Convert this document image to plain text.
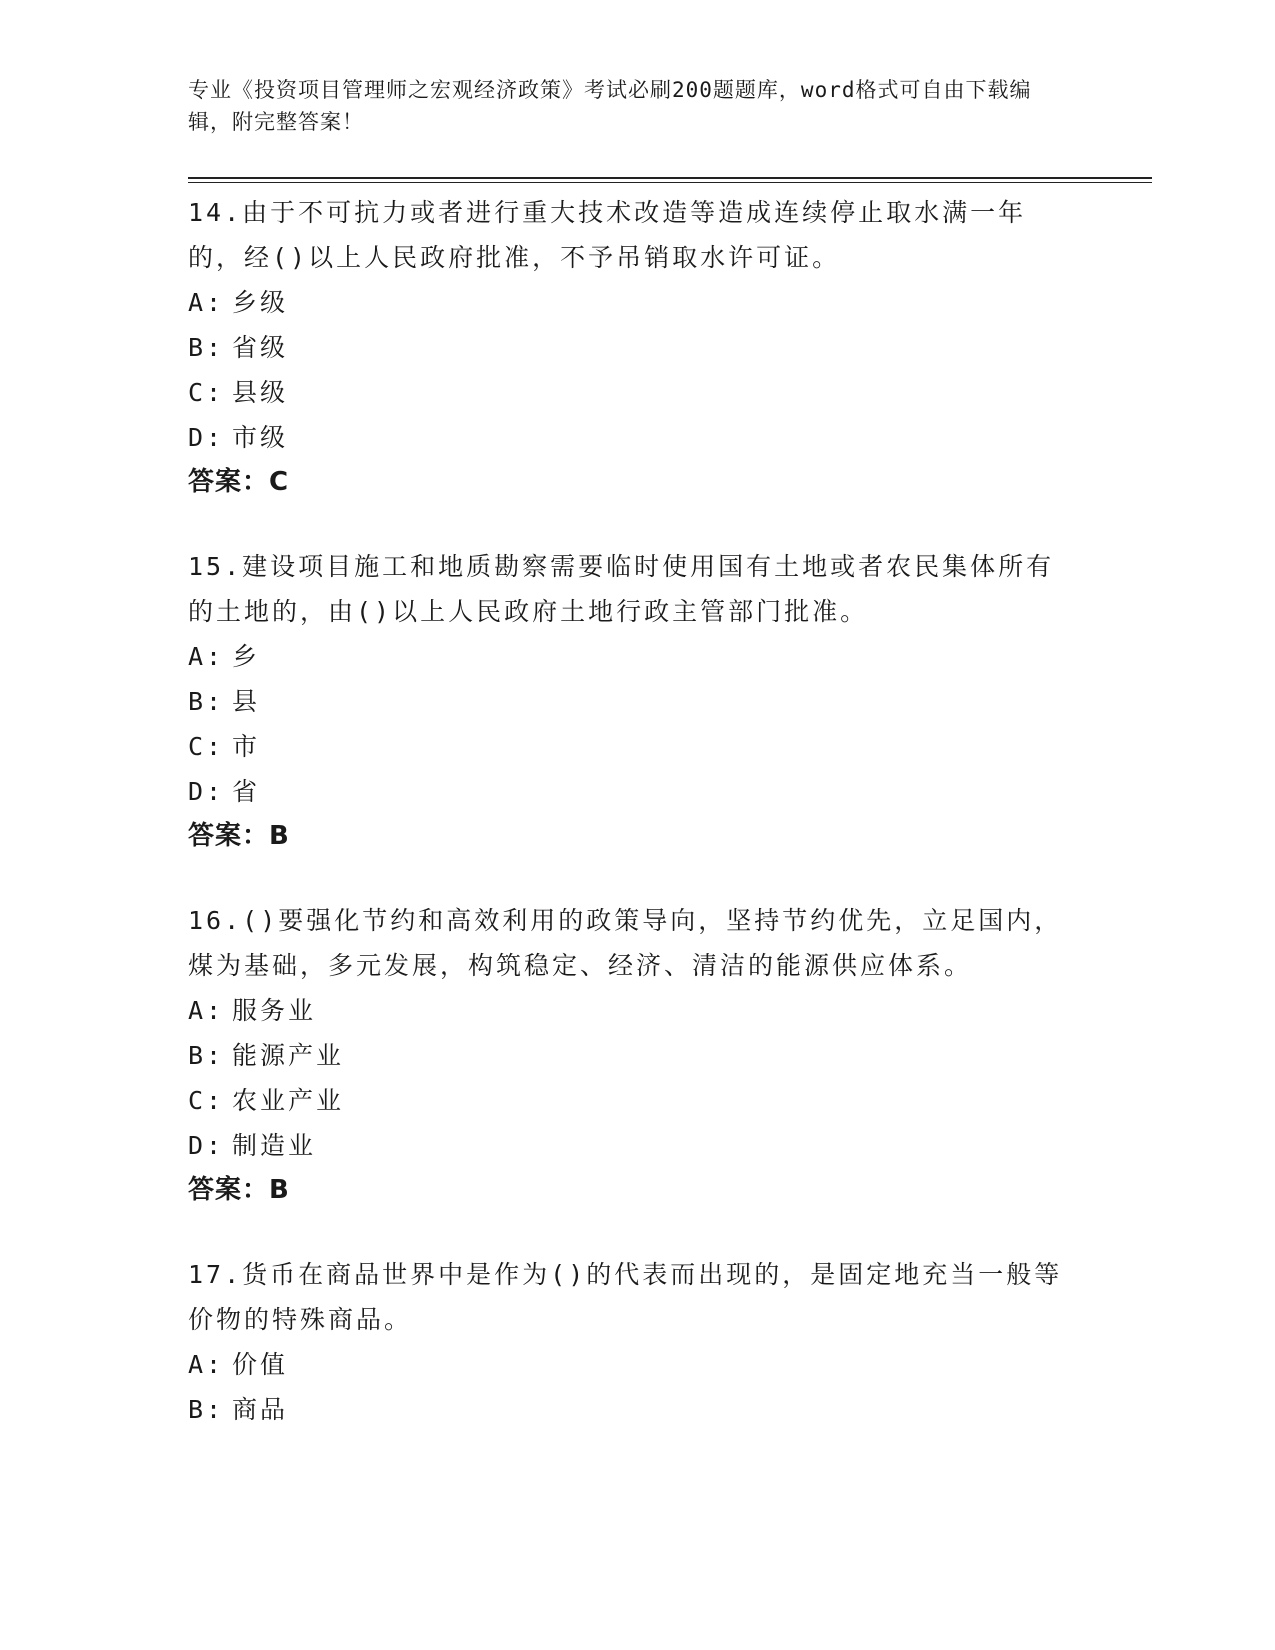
专业《投资项目管理师之宏观经济政策》考试必刷200题题库，word格式可自由下载编辑，附完整答案！
14.由于不可抗力或者进行重大技术改造等造成连续停止取水满一年的，经()以上人民政府批准，不予吊销取水许可证。
A: 乡级
B: 省级
C: 县级
D: 市级
答案：C
15.建设项目施工和地质勘察需要临时使用国有土地或者农民集体所有的土地的，由()以上人民政府土地行政主管部门批准。
A: 乡
B: 县
C: 市
D: 省
答案：B
16.()要强化节约和高效利用的政策导向，坚持节约优先，立足国内，煤为基础，多元发展，构筑稳定、经济、清洁的能源供应体系。
A: 服务业
B: 能源产业
C: 农业产业
D: 制造业
答案：B
17.货币在商品世界中是作为()的代表而出现的，是固定地充当一般等价物的特殊商品。
A: 价值
B: 商品
